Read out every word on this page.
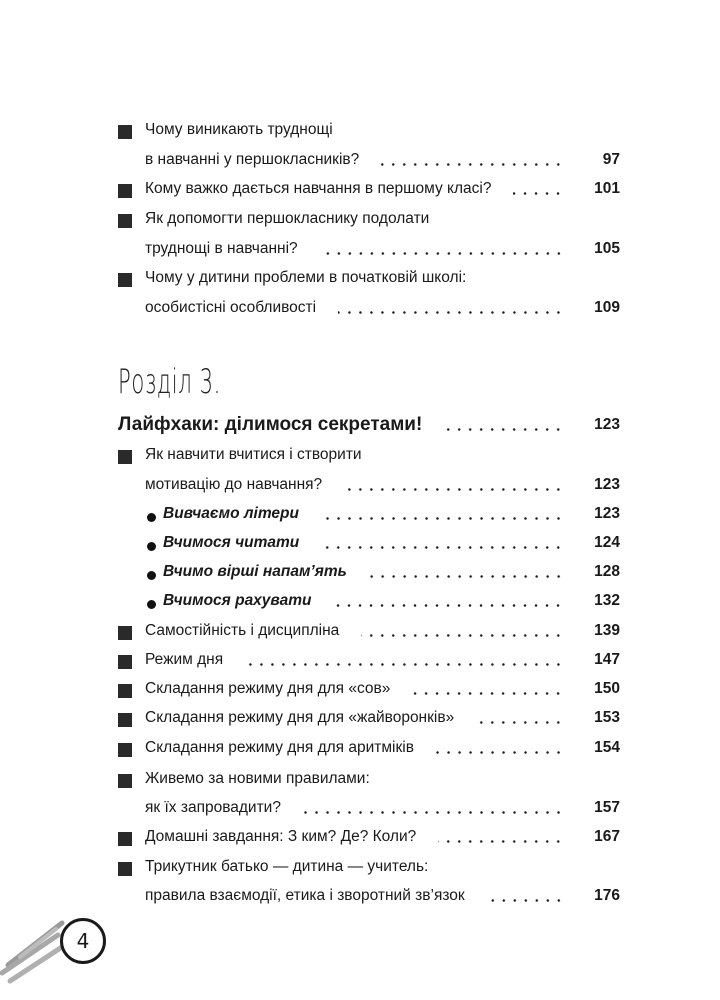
Чому виникають труднощі
в навчанні у першокласників?	97
Кому важко дається навчання в першому класі?	101
Як допомогти першокласнику подолати
труднощі в навчанні?	105
Чому у дитини проблеми в початковій школі:
особистісні особливості	109
Розділ 3.
Лайфхаки: ділимося секретами!	123
Як навчити вчитися і створити
мотивацію до навчання?	123
Вивчаємо літери	123
Вчимося читати	124
Вчимо вірші напам’ять	128
Вчимося рахувати	132
Самостійність і дисципліна	139
Режим дня	147
Складання режиму дня для «сов»	150
Складання режиму дня для «жайворонків»	153
Складання режиму дня для аритміків	154
Живемо за новими правилами:
як їх запровадити?	157
Домашні завдання: З ким? Де? Коли?	167
Трикутник батько — дитина — учитель:
правила взаємодії, етика і зворотний зв’язок	176
4
